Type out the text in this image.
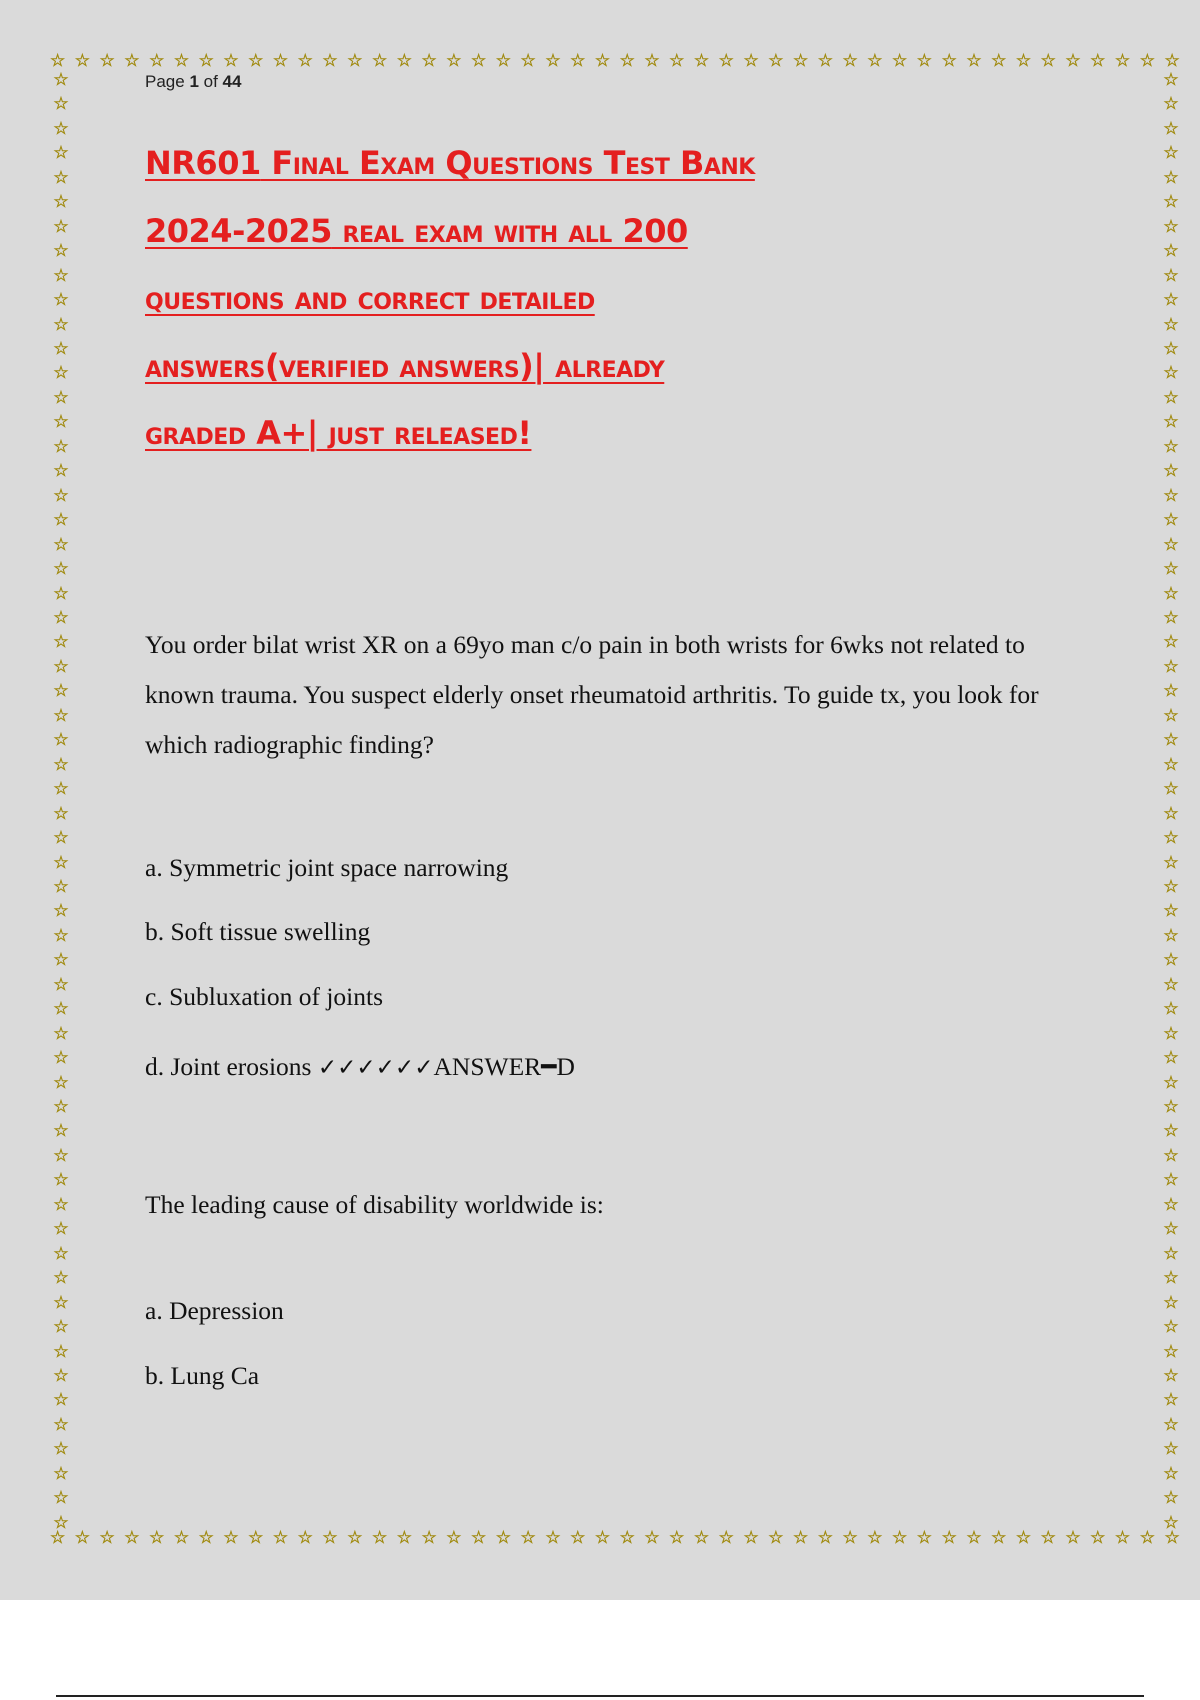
☆ ☆ ☆ ☆ ☆ ☆ ☆ ☆ ☆ ☆ ☆ ☆ ☆ ☆ ☆ ☆ ☆ ☆ ☆ ☆ ☆ ☆ ☆ ☆ ☆ ☆ ☆ ☆ ☆ ☆ ☆ ☆ ☆ ☆ ☆ ☆ ☆ ☆ ☆ ☆ ☆ ☆ ☆ ☆ ☆ ☆
☆ ☆ ☆ ☆ ☆ ☆ ☆ ☆ ☆ ☆ ☆ ☆ ☆ ☆ ☆ ☆ ☆ ☆ ☆ ☆ ☆ ☆ ☆ ☆ ☆ ☆ ☆ ☆ ☆ ☆ ☆ ☆ ☆ ☆ ☆ ☆ ☆ ☆ ☆ ☆ ☆ ☆ ☆ ☆ ☆ ☆
☆
☆
☆
☆
☆
☆
☆
☆
☆
☆
☆
☆
☆
☆
☆
☆
☆
☆
☆
☆
☆
☆
☆
☆
☆
☆
☆
☆
☆
☆
☆
☆
☆
☆
☆
☆
☆
☆
☆
☆
☆
☆
☆
☆
☆
☆
☆
☆
☆
☆
☆
☆
☆
☆
☆
☆
☆
☆
☆
☆
☆
☆
☆
☆
☆
☆
☆
☆
☆
☆
☆
☆
☆
☆
☆
☆
☆
☆
☆
☆
☆
☆
☆
☆
☆
☆
☆
☆
☆
☆
☆
☆
☆
☆
☆
☆
☆
☆
☆
☆
☆
☆
☆
☆
☆
☆
☆
☆
☆
☆
☆
☆
☆
☆
☆
☆
☆
☆
☆
☆

Page 1 of 44

NR601 Final Exam Questions Test Bank
2024-2025 real exam with all 200
questions and correct detailed
answers(verified answers)| already
graded A+| just released!

You order bilat wrist XR on a 69yo man c/o pain in both wrists for 6wks not related to known trauma. You suspect elderly onset rheumatoid arthritis. To guide tx, you look for which radiographic finding?

a. Symmetric joint space narrowing

b. Soft tissue swelling

c. Subluxation of joints

d. Joint erosions ✓✓✓✓✓✓ANSWER━D

The leading cause of disability worldwide is:

a. Depression

b. Lung Ca
